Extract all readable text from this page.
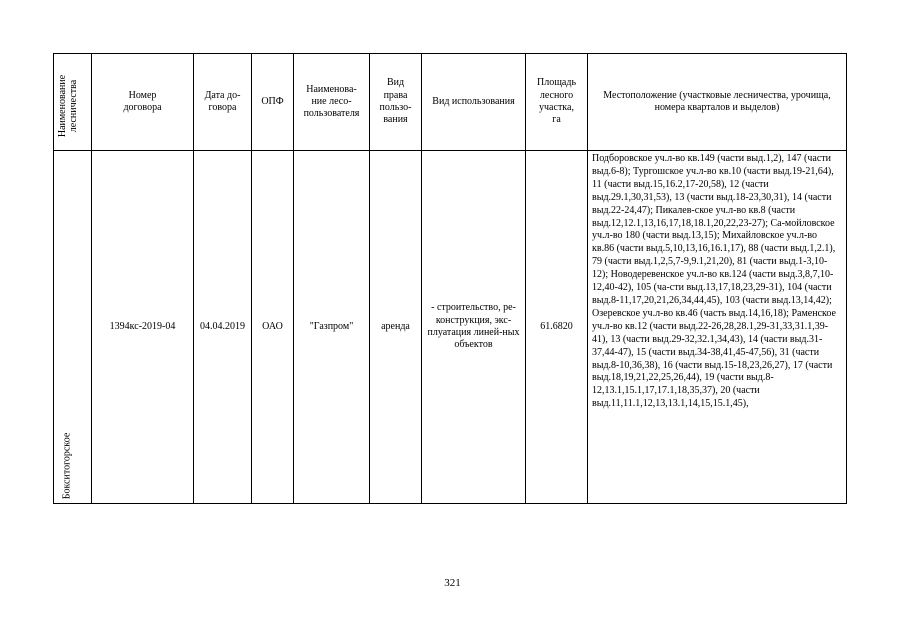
Наименование лесничества	Номер договора	Дата до-говора	ОПФ	Наименова-ние лесо-пользователя	Вид права пользо-вания	Вид использования	Площадь лесного участка, га	Местоположение (участковые лесничества, урочища, номера кварталов и выделов)

Бокситогорское	1394кс-2019-04	04.04.2019	ОАО	"Газпром"	аренда	- строительство, ре-конструкция, экс-плуатация линей-ных объектов	61.6820	Подборовское уч.л-во кв.149 (части выд.1,2), 147 (части выд.6-8); Тургошское уч.л-во кв.10 (части выд.19-21,64), 11 (части выд.15,16.2,17-20,58), 12 (части выд.29.1,30,31,53), 13 (части выд.18-23,30,31), 14 (части выд.22-24,47); Пикалев-ское уч.л-во кв.8 (части выд.12,12.1,13,16,17,18,18.1,20,22,23-27); Са-мойловское уч.л-во 180 (части выд.13,15); Михайловское уч.л-во кв.86 (части выд.5,10,13,16,16.1,17), 88 (части выд.1,2.1), 79 (части выд.1,2,5,7-9,9.1,21,20), 81 (части выд.1-3,10-12); Новодеревенское уч.л-во кв.124 (части выд.3,8,7,10-12,40-42), 105 (ча-сти выд.13,17,18,23,29-31), 104 (части выд.8-11,17,20,21,26,34,44,45), 103 (части выд.13,14,42); Озеревское уч.л-во кв.46 (часть выд.14,16,18); Раменское уч.л-во кв.12 (части выд.22-26,28,28.1,29-31,33,31.1,39-41), 13 (части выд.29-32,32.1,34,43), 14 (части выд.31-37,44-47), 15 (части выд.34-38,41,45-47,56), 31 (части выд.8-10,36,38), 16 (части выд.15-18,23,26,27), 17 (части выд.18,19,21,22,25,26,44), 19 (части выд.8-12,13.1,15.1,17,17.1,18,35,37), 20 (части выд.11,11.1,12,13,13.1,14,15,15.1,45),
321
